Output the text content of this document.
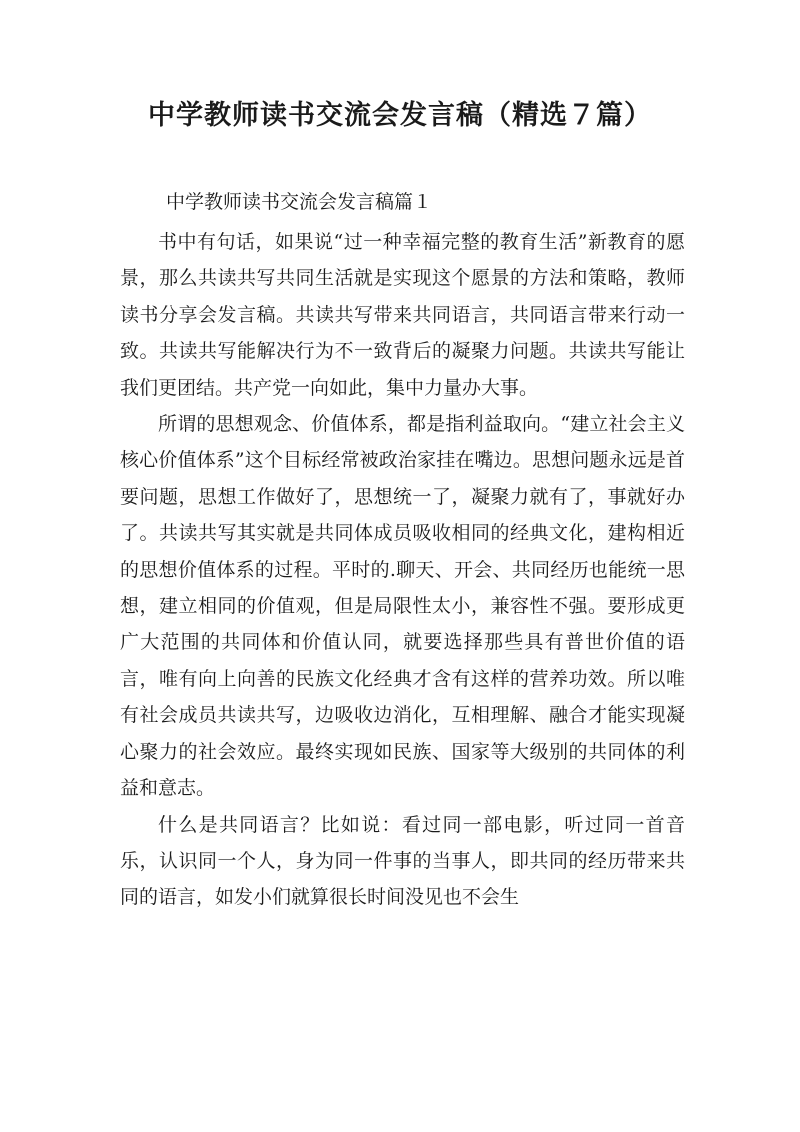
中学教师读书交流会发言稿（精选７篇）
中学教师读书交流会发言稿篇１

书中有句话，如果说“过一种幸福完整的教育生活”新教育的愿景，那么共读共写共同生活就是实现这个愿景的方法和策略，教师读书分享会发言稿。共读共写带来共同语言，共同语言带来行动一致。共读共写能解决行为不一致背后的凝聚力问题。共读共写能让我们更团结。共产党一向如此，集中力量办大事。

所谓的思想观念、价值体系，都是指利益取向。“建立社会主义核心价值体系”这个目标经常被政治家挂在嘴边。思想问题永远是首要问题，思想工作做好了，思想统一了，凝聚力就有了，事就好办了。共读共写其实就是共同体成员吸收相同的经典文化，建构相近的思想价值体系的过程。平时的.聊天、开会、共同经历也能统一思想，建立相同的价值观，但是局限性太小，兼容性不强。要形成更广大范围的共同体和价值认同，就要选择那些具有普世价值的语言，唯有向上向善的民族文化经典才含有这样的营养功效。所以唯有社会成员共读共写，边吸收边消化，互相理解、融合才能实现凝心聚力的社会效应。最终实现如民族、国家等大级别的共同体的利益和意志。

什么是共同语言？比如说：看过同一部电影，听过同一首音乐，认识同一个人，身为同一件事的当事人，即共同的经历带来共同的语言，如发小们就算很长时间没见也不会生
